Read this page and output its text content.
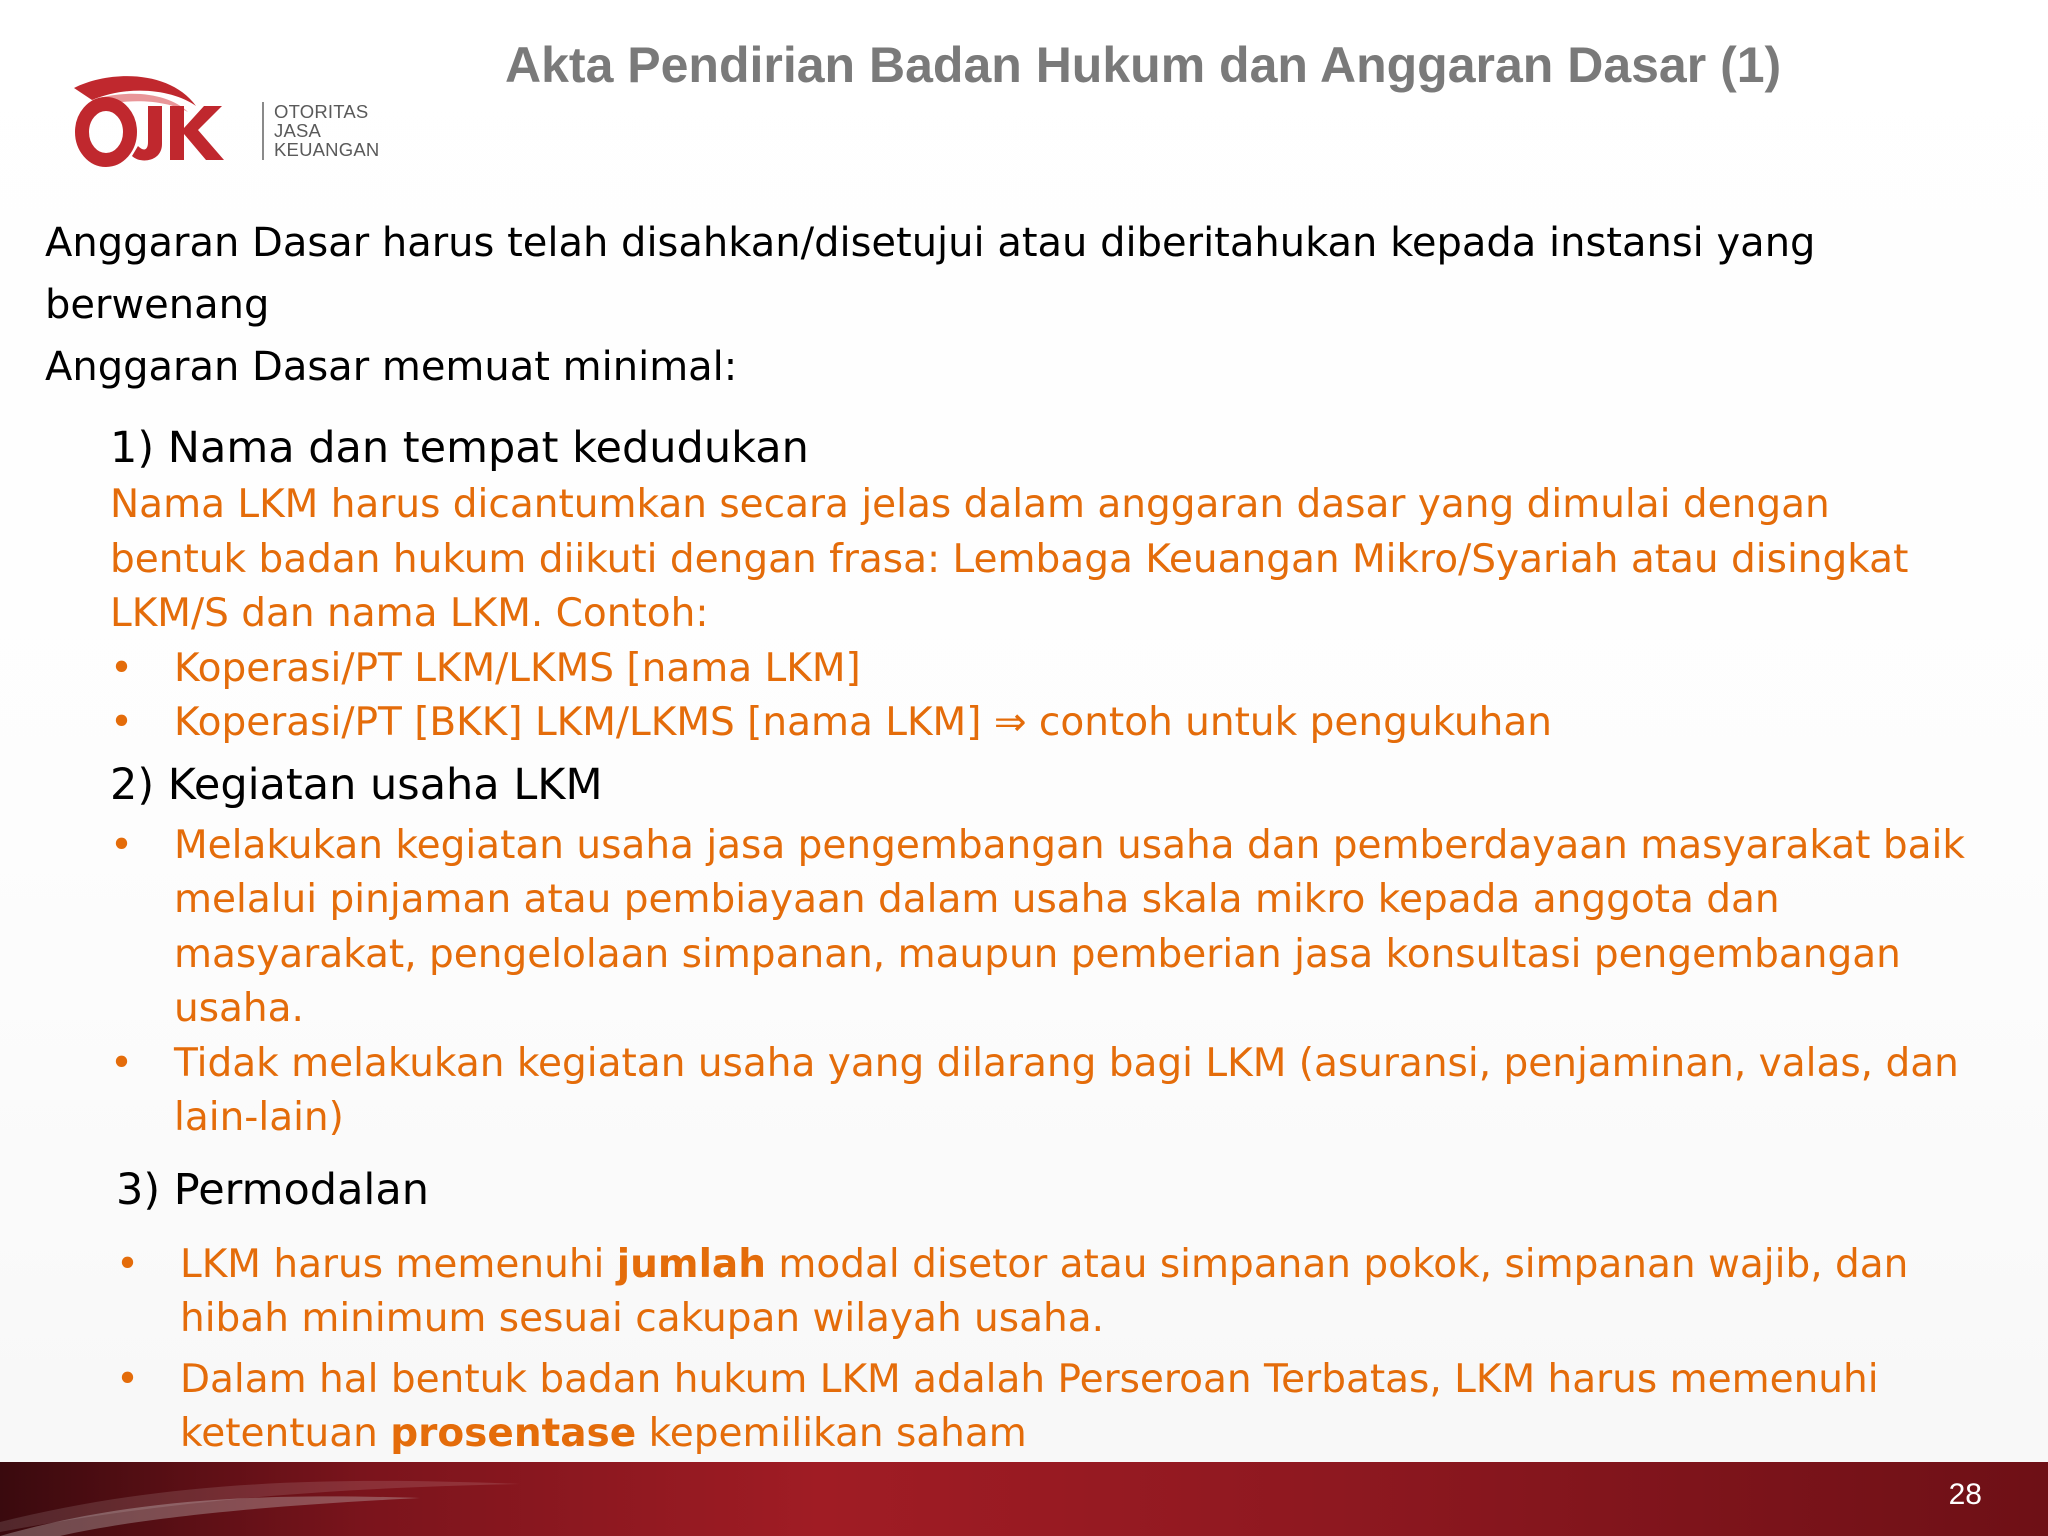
OTORITAS
JASA
KEUANGAN
Akta Pendirian Badan Hukum dan Anggaran Dasar (1)

Anggaran Dasar harus telah disahkan/disetujui atau diberitahukan kepada instansi yang berwenang

Anggaran Dasar memuat minimal:

1) Nama dan tempat kedudukan

Nama LKM harus dicantumkan secara jelas dalam anggaran dasar yang dimulai dengan bentuk badan hukum diikuti dengan frasa: Lembaga Keuangan Mikro/Syariah atau disingkat LKM/S dan nama LKM. Contoh:

• Koperasi/PT LKM/LKMS [nama LKM]
• Koperasi/PT [BKK] LKM/LKMS [nama LKM] ⇒ contoh untuk pengukuhan

2) Kegiatan usaha LKM

• Melakukan kegiatan usaha jasa pengembangan usaha dan pemberdayaan masyarakat baik melalui pinjaman atau pembiayaan dalam usaha skala mikro kepada anggota dan masyarakat, pengelolaan simpanan, maupun pemberian jasa konsultasi pengembangan usaha.
• Tidak melakukan kegiatan usaha yang dilarang bagi LKM (asuransi, penjaminan, valas, dan lain-lain)

3) Permodalan

• LKM harus memenuhi jumlah modal disetor atau simpanan pokok, simpanan wajib, dan hibah minimum sesuai cakupan wilayah usaha.
• Dalam hal bentuk badan hukum LKM adalah Perseroan Terbatas, LKM harus memenuhi ketentuan prosentase kepemilikan saham
28
